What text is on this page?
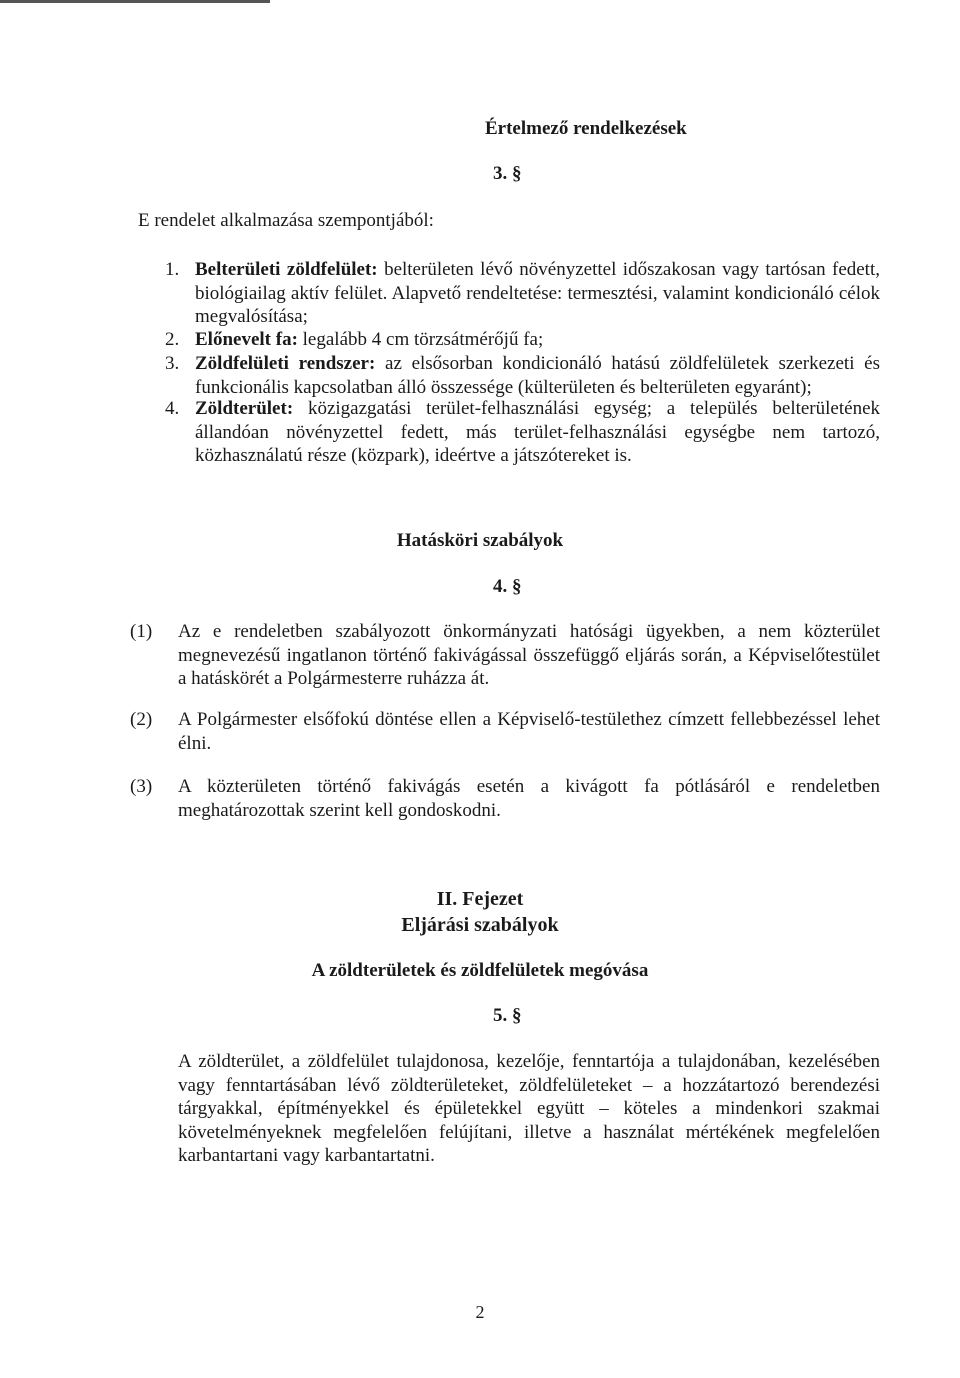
Értelmező rendelkezések
3. §
E rendelet alkalmazása szempontjából:
1. Belterületi zöldfelület: belterületen lévő növényzettel időszakosan vagy tartósan fedett, biológiailag aktív felület. Alapvető rendeltetése: termesztési, valamint kondicionáló célok megvalósítása;
2. Előnevelt fa: legalább 4 cm törzsátmérőjű fa;
3. Zöldfelületi rendszer: az elsősorban kondicionáló hatású zöldfelületek szerkezeti és funkcionális kapcsolatban álló összessége (külterületen és belterületen egyaránt);
4. Zöldterület: közigazgatási terület-felhasználási egység; a település belterületének állandóan növényzettel fedett, más terület-felhasználási egységbe nem tartozó, közhasználatú része (közpark), ideértve a játszótereket is.
Hatásköri szabályok
4. §
(1) Az e rendeletben szabályozott önkormányzati hatósági ügyekben, a nem közterület megnevezésű ingatlanon történő fakivágással összefüggő eljárás során, a Képviselőtestület a hatáskörét a Polgármesterre ruházza át.
(2) A Polgármester elsőfokú döntése ellen a Képviselő-testülethez címzett fellebbezéssel lehet élni.
(3) A közterületen történő fakivágás esetén a kivágott fa pótlásáról e rendeletben meghatározottak szerint kell gondoskodni.
II. Fejezet
Eljárási szabályok
A zöldterületek és zöldfelületek megóvása
5. §
A zöldterület, a zöldfelület tulajdonosa, kezelője, fenntartója a tulajdonában, kezelésében vagy fenntartásában lévő zöldterületeket, zöldfelületeket – a hozzátartozó berendezési tárgyakkal, építményekkel és épületekkel együtt – köteles a mindenkori szakmai követelményeknek megfelelően felújítani, illetve a használat mértékének megfelelően karbantartani vagy karbantartatni.
2
